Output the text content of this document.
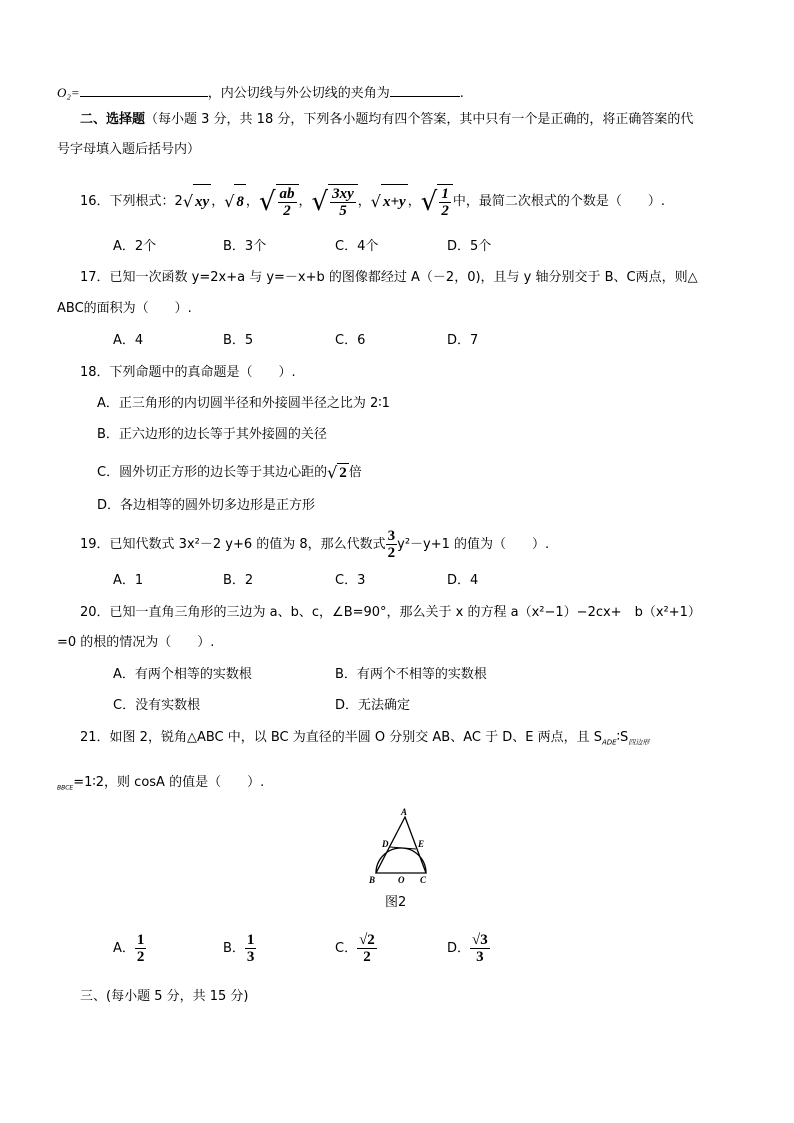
O₂=	，内公切线与外公切线的夹角为	.
二、选择题（每小题 3 分，共 18 分，下列各小题均有四个答案，其中只有一个是正确的，将正确答案的代
号字母填入题后括号内）
16．下列根式：2 √ xy ， √ 8 ， √ $\frac{ab}{2}$ ， √ $\frac{3xy}{5}$ ， √ x+y ， √ $\frac{1}{2}$ 中，最简二次根式的个数是（　　）.
A．2个	B．3个	C．4个	D．5个
17．已知一次函数 y=2x+a 与 y=－x+b 的图像都经过 A（－2，0)，且与 y 轴分别交于 B、C两点，则△
ABC的面积为（　　）.
A．4	B．5	C．6	D．7
18．下列命题中的真命题是（　　）.
A．正三角形的内切圆半径和外接圆半径之比为 2∶1
B．正六边形的边长等于其外接圆的关径
C．圆外切正方形的边长等于其边心距的 √ 2 倍
D．各边相等的圆外切多边形是正方形
19．已知代数式 3x²－2 y+6 的值为 8，那么代数式 $\frac{3}{2} y^2-y+1$ 的值为（　　）.
A．1	B．2	C．3	D．4
20．已知一直角三角形的三边为 a、b、c，∠B=90°，那么关于 x 的方程 a（x²−1）−2cx+　b（x²+1）
=0 的根的情况为（　　）.
A．有两个相等的实数根	B．有两个不相等的实数根
C．没有实数根	D．无法确定
21．如图 2，锐角△ABC 中，以 BC 为直径的半圆 O 分别交 AB、AC 于 D、E 两点，且 $S_{ADE}∶S_{四边形}$
$_{BBCE}$=1∶2，则 cosA 的值是（　　）.
A
D	E
B	O C
图2
A． $\frac{1}{2}$	B． $\frac{1}{3}$	C． $\frac{√2}{2}$	D． $\frac{√3}{3}$
三、(每小题 5 分，共 15 分)
